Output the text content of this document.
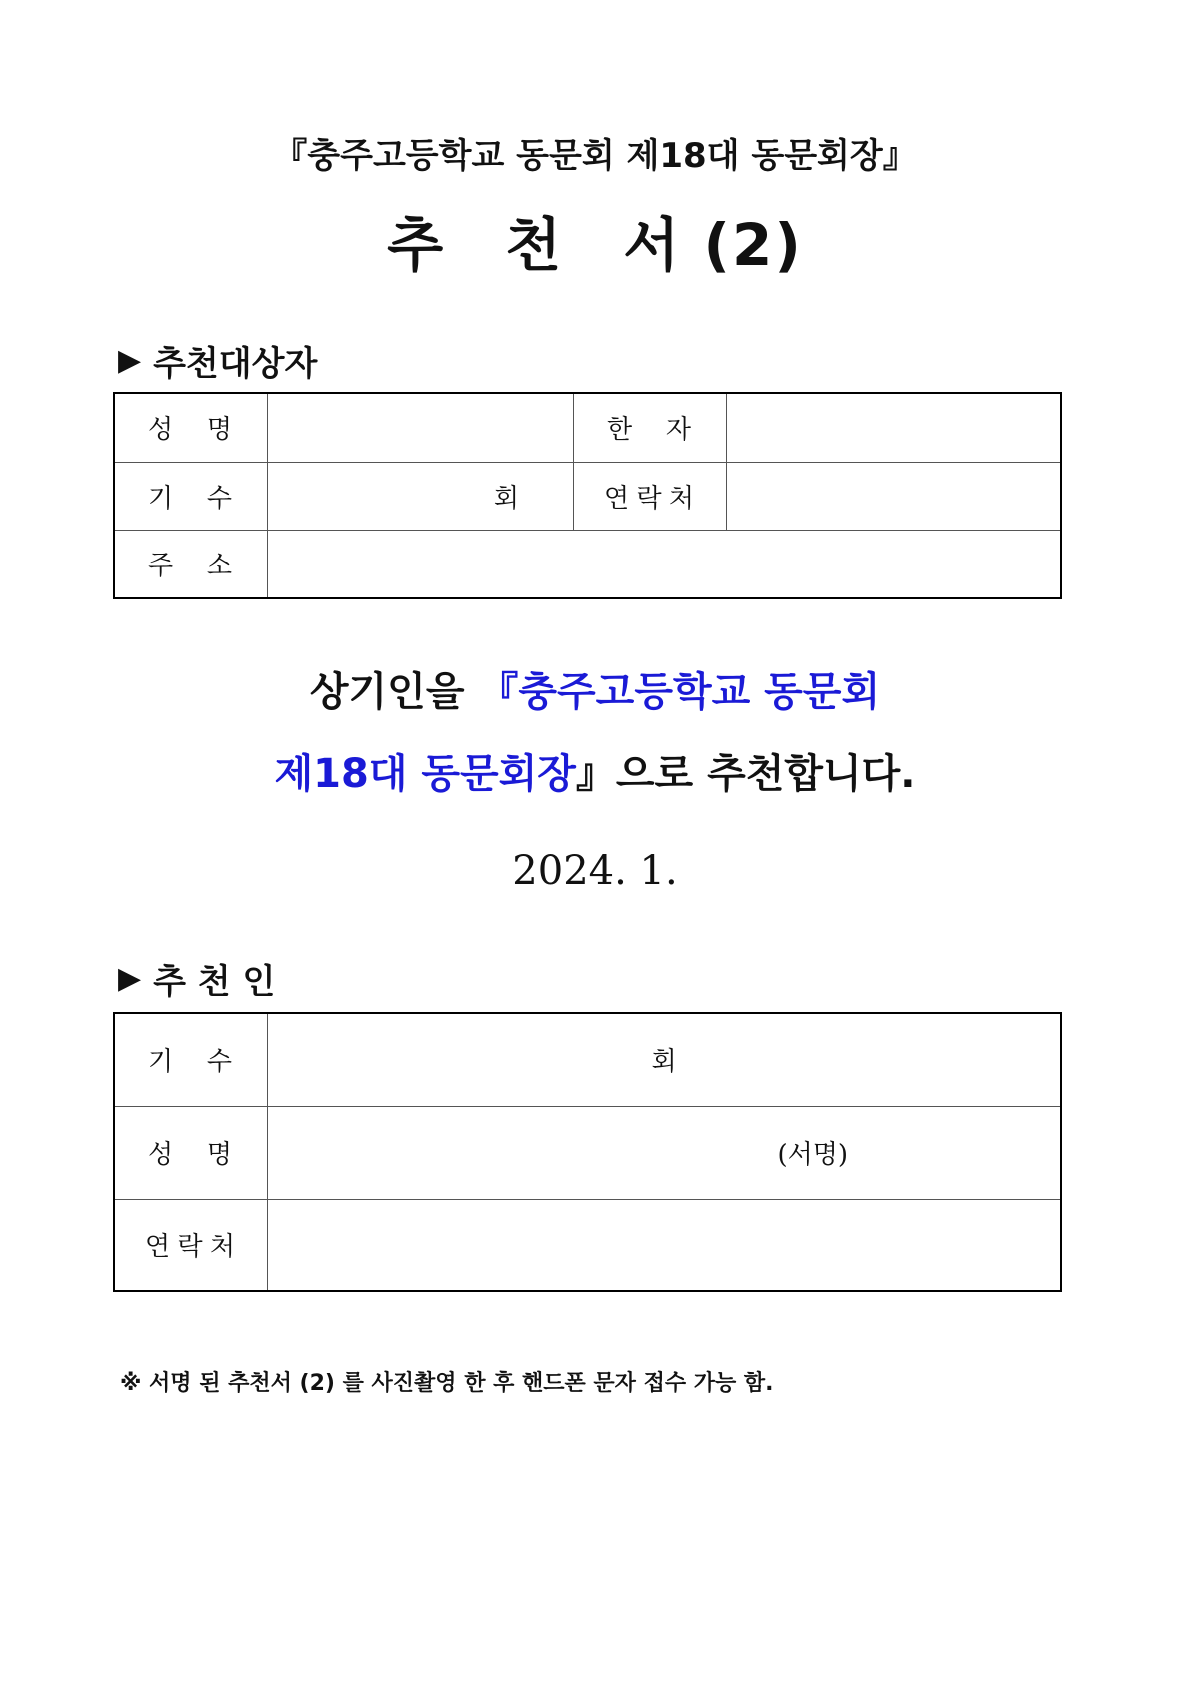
『충주고등학교 동문회 제18대 동문회장』
추 천 서 (2)
▶ 추천대상자
성 명		한 자	

기 수	회	연 락 처	

주 소			

상기인을 『충주고등학교 동문회
제18대 동문회장』으로 추천합니다.
2024. 1.
▶ 추 천 인
기 수	회

성 명	(서명)

연 락 처	

※ 서명 된 추천서 (2) 를 사진촬영 한 후 핸드폰 문자 접수 가능 함.
